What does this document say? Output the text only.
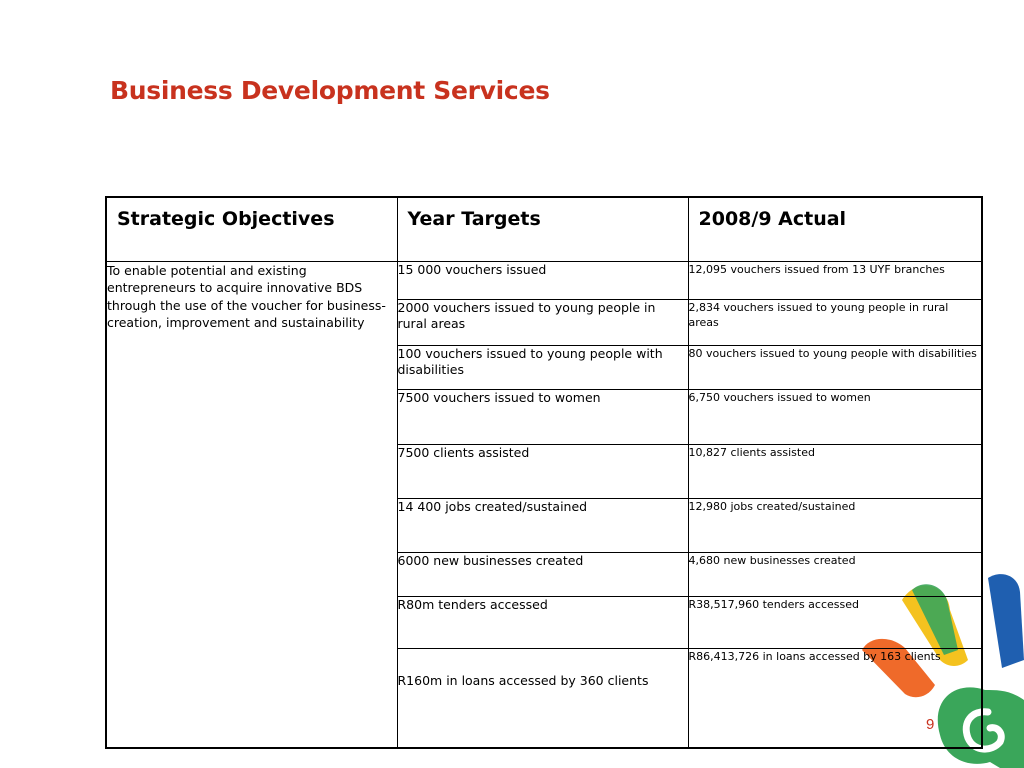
Business Development Services
Strategic Objectives	Year Targets	2008/9 Actual
To enable potential and existing entrepreneurs to acquire innovative BDS through the use of the voucher for business- creation, improvement and sustainability	15 000 vouchers issued	12,095 vouchers issued from 13 UYF branches
	2000 vouchers issued to young people in rural areas	2,834 vouchers issued to young people in rural areas
	100 vouchers issued to young people with disabilities	80 vouchers issued to young people with disabilities
	7500 vouchers issued to women	6,750 vouchers issued to women
	7500 clients assisted	10,827 clients assisted
	14 400 jobs created/sustained	12,980 jobs created/sustained
	6000 new businesses created	4,680 new businesses created
	R80m tenders accessed	R38,517,960 tenders accessed
	R160m in loans accessed by 360 clients	R86,413,726 in loans accessed by 163 clients
9
